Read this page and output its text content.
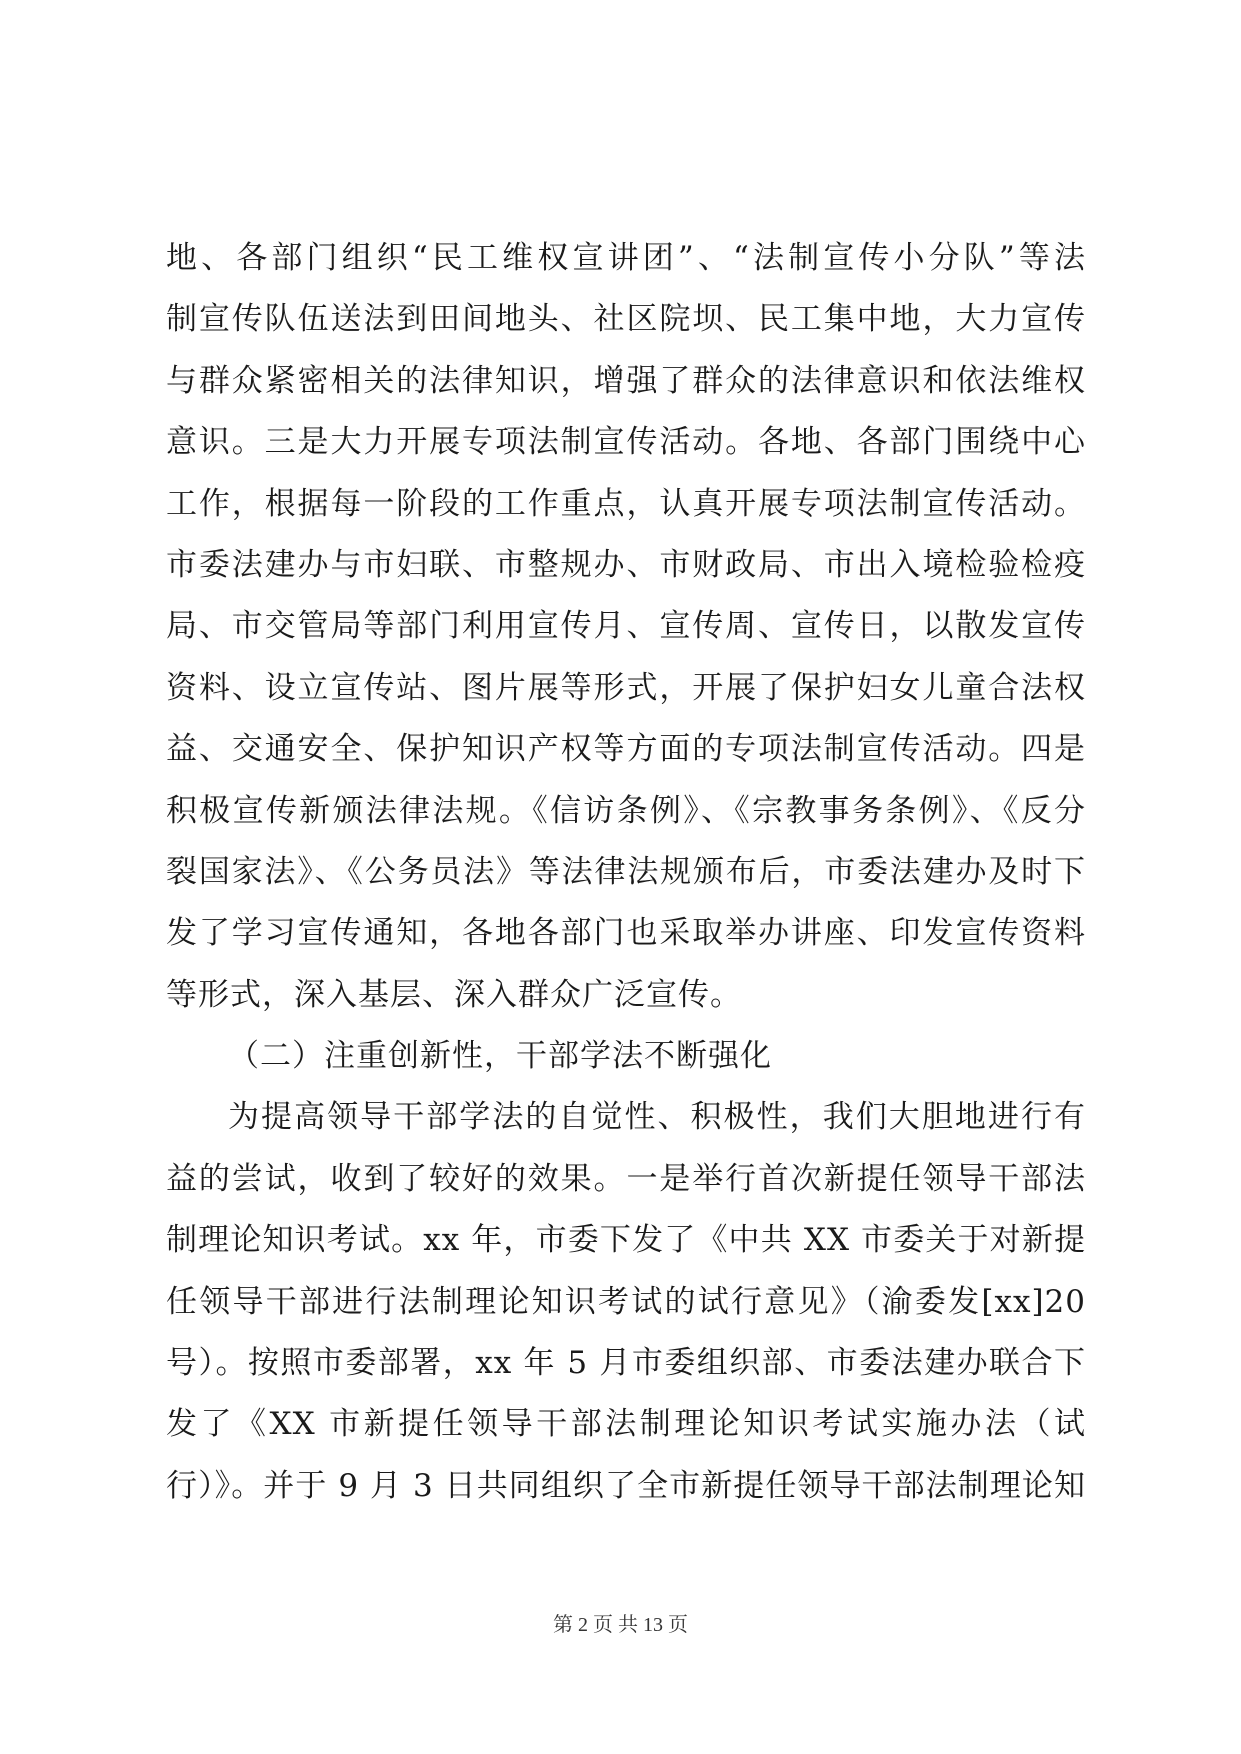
地、各部门组织“民工维权宣讲团”、“法制宣传小分队”等法
制宣传队伍送法到田间地头、社区院坝、民工集中地，大力宣传
与群众紧密相关的法律知识，增强了群众的法律意识和依法维权
意识。三是大力开展专项法制宣传活动。各地、各部门围绕中心
工作，根据每一阶段的工作重点，认真开展专项法制宣传活动。
市委法建办与市妇联、市整规办、市财政局、市出入境检验检疫
局、市交管局等部门利用宣传月、宣传周、宣传日，以散发宣传
资料、设立宣传站、图片展等形式，开展了保护妇女儿童合法权
益、交通安全、保护知识产权等方面的专项法制宣传活动。四是
积极宣传新颁法律法规。《信访条例》、《宗教事务条例》、《反分
裂国家法》、《公务员法》等法律法规颁布后，市委法建办及时下
发了学习宣传通知，各地各部门也采取举办讲座、印发宣传资料
等形式，深入基层、深入群众广泛宣传。
（二）注重创新性，干部学法不断强化
为提高领导干部学法的自觉性、积极性，我们大胆地进行有
益的尝试，收到了较好的效果。一是举行首次新提任领导干部法
制理论知识考试。xx 年，市委下发了《中共 XX 市委关于对新提
任领导干部进行法制理论知识考试的试行意见》（渝委发[xx]20
号）。按照市委部署，xx 年 5 月市委组织部、市委法建办联合下
发了《XX 市新提任领导干部法制理论知识考试实施办法（试
行）》。并于 9 月 3 日共同组织了全市新提任领导干部法制理论知
第 2 页 共 13 页
